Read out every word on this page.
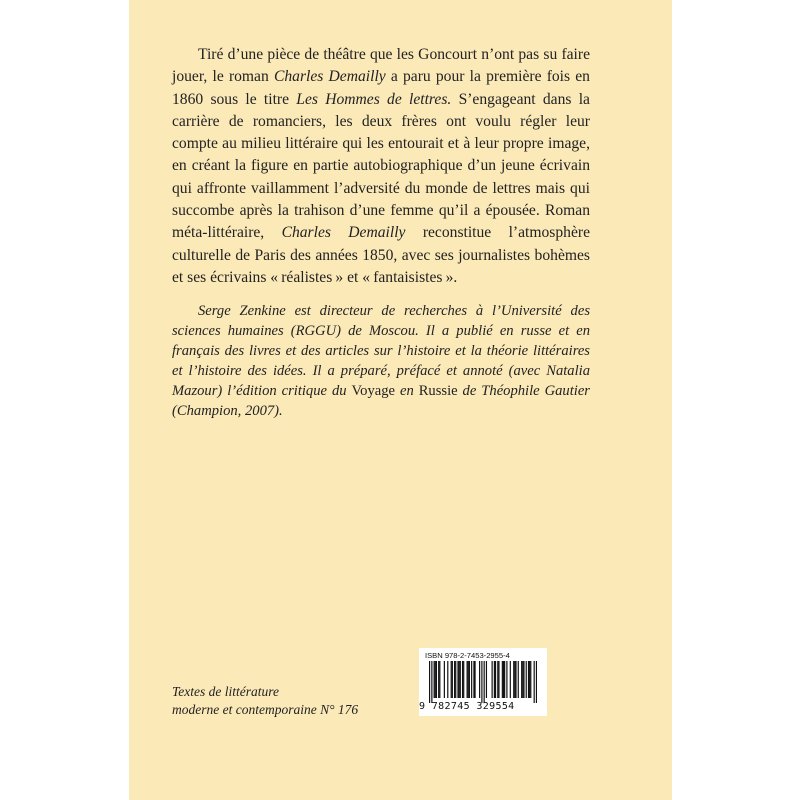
Tiré d’une pièce de théâtre que les Goncourt n’ont pas su faire jouer, le roman Charles Demailly a paru pour la première fois en 1860 sous le titre Les Hommes de lettres. S’engageant dans la carrière de romanciers, les deux frères ont voulu régler leur compte au milieu littéraire qui les entourait et à leur propre image, en créant la figure en partie autobiographique d’un jeune écrivain qui affronte vaillamment l’adversité du monde de lettres mais qui succombe après la trahison d’une femme qu’il a épousée. Roman méta-littéraire, Charles Demailly reconstitue l’atmosphère culturelle de Paris des années 1850, avec ses journalistes bohèmes et ses écrivains « réalistes » et « fantaisistes ».

Serge Zenkine est directeur de recherches à l’Université des sciences humaines (RGGU) de Moscou. Il a publié en russe et en français des livres et des articles sur l’histoire et la théorie littéraires et l’histoire des idées. Il a préparé, préfacé et annoté (avec Natalia Mazour) l’édition critique du Voyage en Russie de Théophile Gautier (Champion, 2007).

Textes de littérature
moderne et contemporaine N° 176
ISBN 978-2-7453-2955-4
9 782745 329554
